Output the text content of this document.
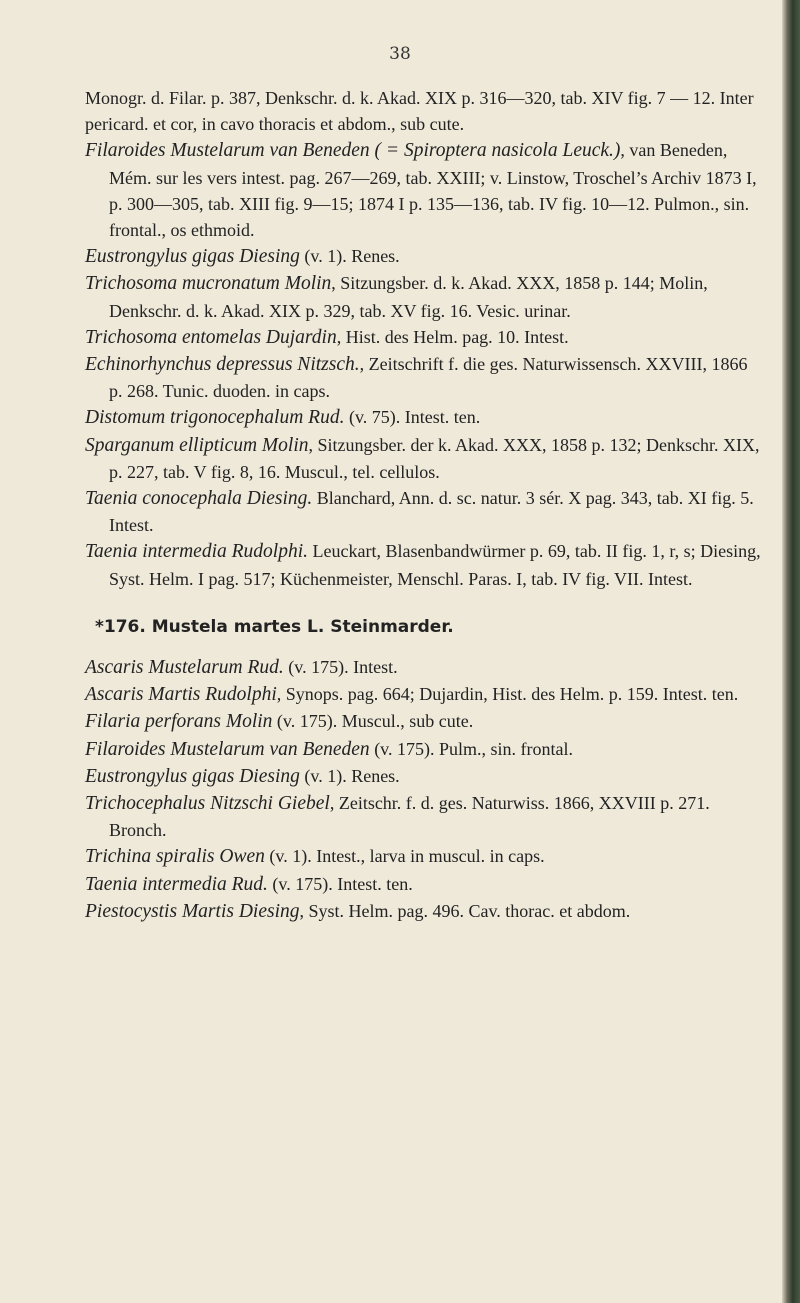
38

Monogr. d. Filar. p. 387, Denkschr. d. k. Akad. XIX p. 316—320, tab. XIV fig. 7 — 12. Inter pericard. et cor, in cavo thoracis et abdom., sub cute.

Filaroides Mustelarum van Beneden ( = Spiroptera nasicola Leuck.), van Beneden, Mém. sur les vers intest. pag. 267—269, tab. XXIII; v. Linstow, Troschel’s Archiv 1873 I, p. 300—305, tab. XIII fig. 9—15; 1874 I p. 135—136, tab. IV fig. 10—12. Pulmon., sin. frontal., os ethmoid.

Eustrongylus gigas Diesing (v. 1). Renes.

Trichosoma mucronatum Molin, Sitzungsber. d. k. Akad. XXX, 1858 p. 144; Molin, Denkschr. d. k. Akad. XIX p. 329, tab. XV fig. 16. Vesic. urinar.

Trichosoma entomelas Dujardin, Hist. des Helm. pag. 10. Intest.

Echinorhynchus depressus Nitzsch., Zeitschrift f. die ges. Naturwissensch. XXVIII, 1866 p. 268. Tunic. duoden. in caps.

Distomum trigonocephalum Rud. (v. 75). Intest. ten.

Sparganum ellipticum Molin, Sitzungsber. der k. Akad. XXX, 1858 p. 132; Denkschr. XIX, p. 227, tab. V fig. 8, 16. Muscul., tel. cellulos.

Taenia conocephala Diesing. Blanchard, Ann. d. sc. natur. 3 sér. X pag. 343, tab. XI fig. 5. Intest.

Taenia intermedia Rudolphi. Leuckart, Blasenbandwürmer p. 69, tab. II fig. 1, r, s; Diesing, Syst. Helm. I pag. 517; Küchenmeister, Menschl. Paras. I, tab. IV fig. VII. Intest.

*176. Mustela martes L. Steinmarder.

Ascaris Mustelarum Rud. (v. 175). Intest.

Ascaris Martis Rudolphi, Synops. pag. 664; Dujardin, Hist. des Helm. p. 159. Intest. ten.

Filaria perforans Molin (v. 175). Muscul., sub cute.

Filaroides Mustelarum van Beneden (v. 175). Pulm., sin. frontal.

Eustrongylus gigas Diesing (v. 1). Renes.

Trichocephalus Nitzschi Giebel, Zeitschr. f. d. ges. Naturwiss. 1866, XXVIII p. 271. Bronch.

Trichina spiralis Owen (v. 1). Intest., larva in muscul. in caps.

Taenia intermedia Rud. (v. 175). Intest. ten.

Piestocystis Martis Diesing, Syst. Helm. pag. 496. Cav. thorac. et abdom.
